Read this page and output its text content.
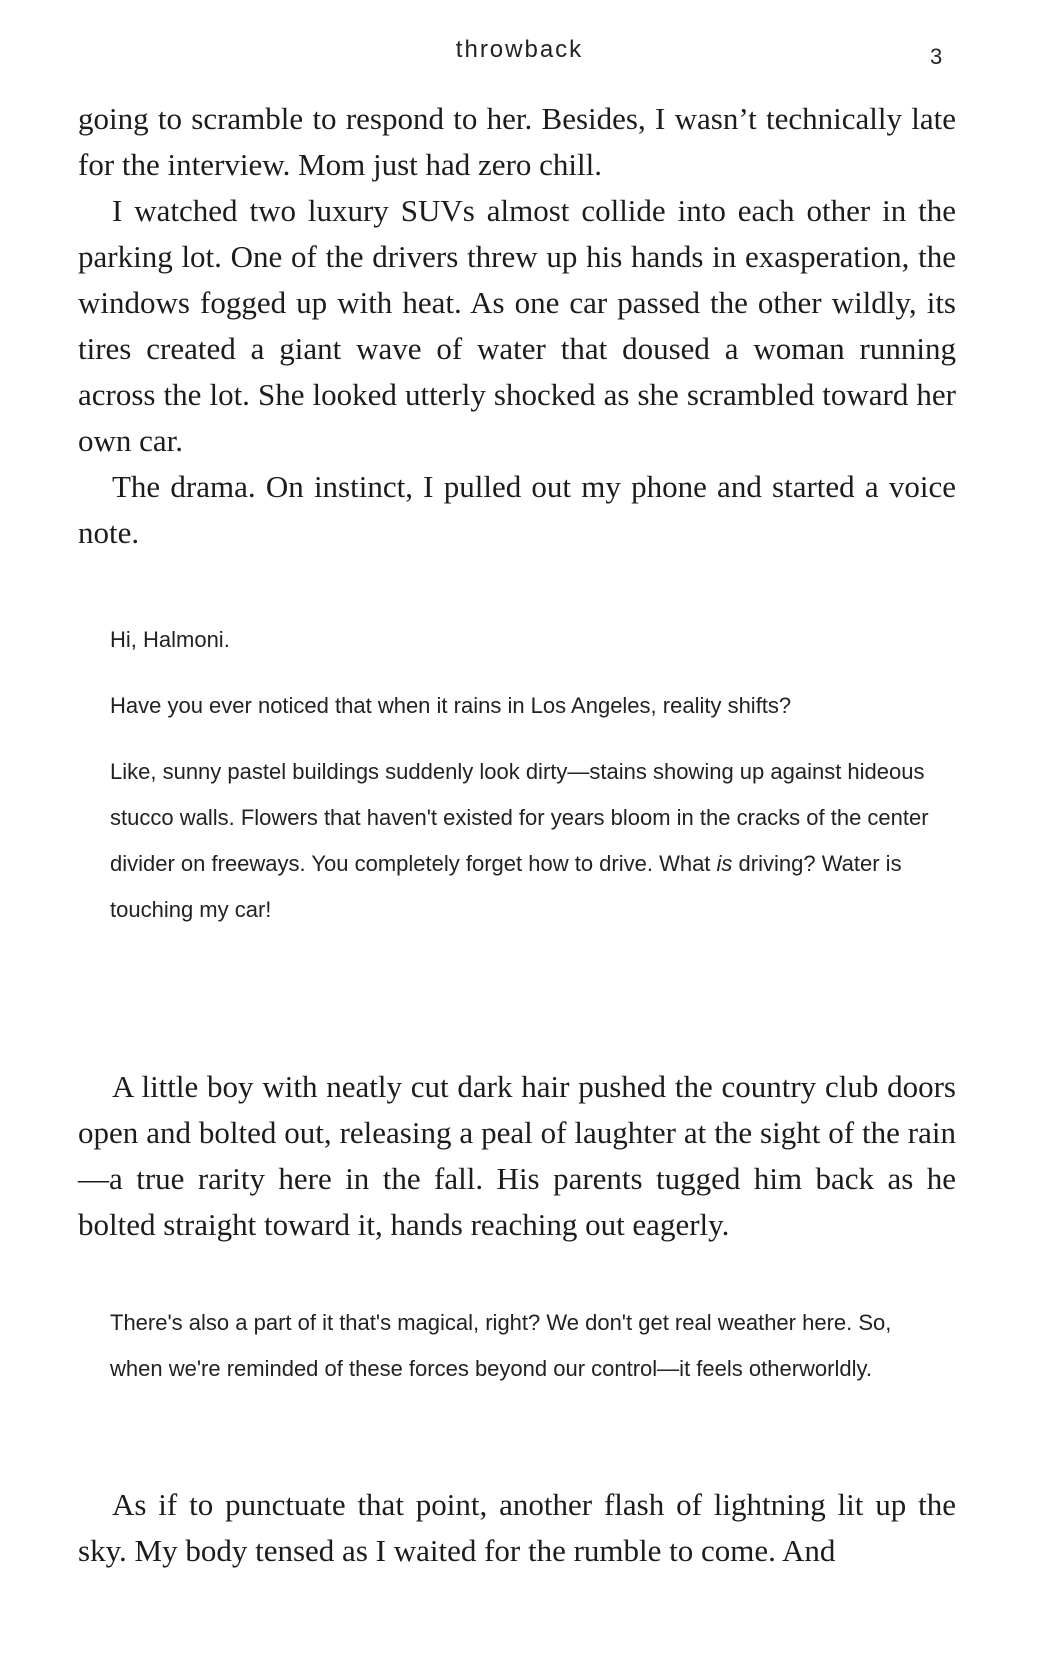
throwback	3

going to scramble to respond to her. Besides, I wasn’t technically late for the interview. Mom just had zero chill.

I watched two luxury SUVs almost collide into each other in the parking lot. One of the drivers threw up his hands in exasperation, the windows fogged up with heat. As one car passed the other wildly, its tires created a giant wave of water that doused a woman running across the lot. She looked utterly shocked as she scrambled toward her own car.

The drama. On instinct, I pulled out my phone and started a voice note.

Hi, Halmoni.

Have you ever noticed that when it rains in Los Angeles, reality shifts?

Like, sunny pastel buildings suddenly look dirty—stains showing up against hideous stucco walls. Flowers that haven't existed for years bloom in the cracks of the center divider on freeways. You completely forget how to drive. What is driving? Water is touching my car!

A little boy with neatly cut dark hair pushed the country club doors open and bolted out, releasing a peal of laughter at the sight of the rain—a true rarity here in the fall. His parents tugged him back as he bolted straight toward it, hands reaching out eagerly.

There's also a part of it that's magical, right? We don't get real weather here. So, when we're reminded of these forces beyond our control—it feels otherworldly.

As if to punctuate that point, another flash of lightning lit up the sky. My body tensed as I waited for the rumble to come. And
